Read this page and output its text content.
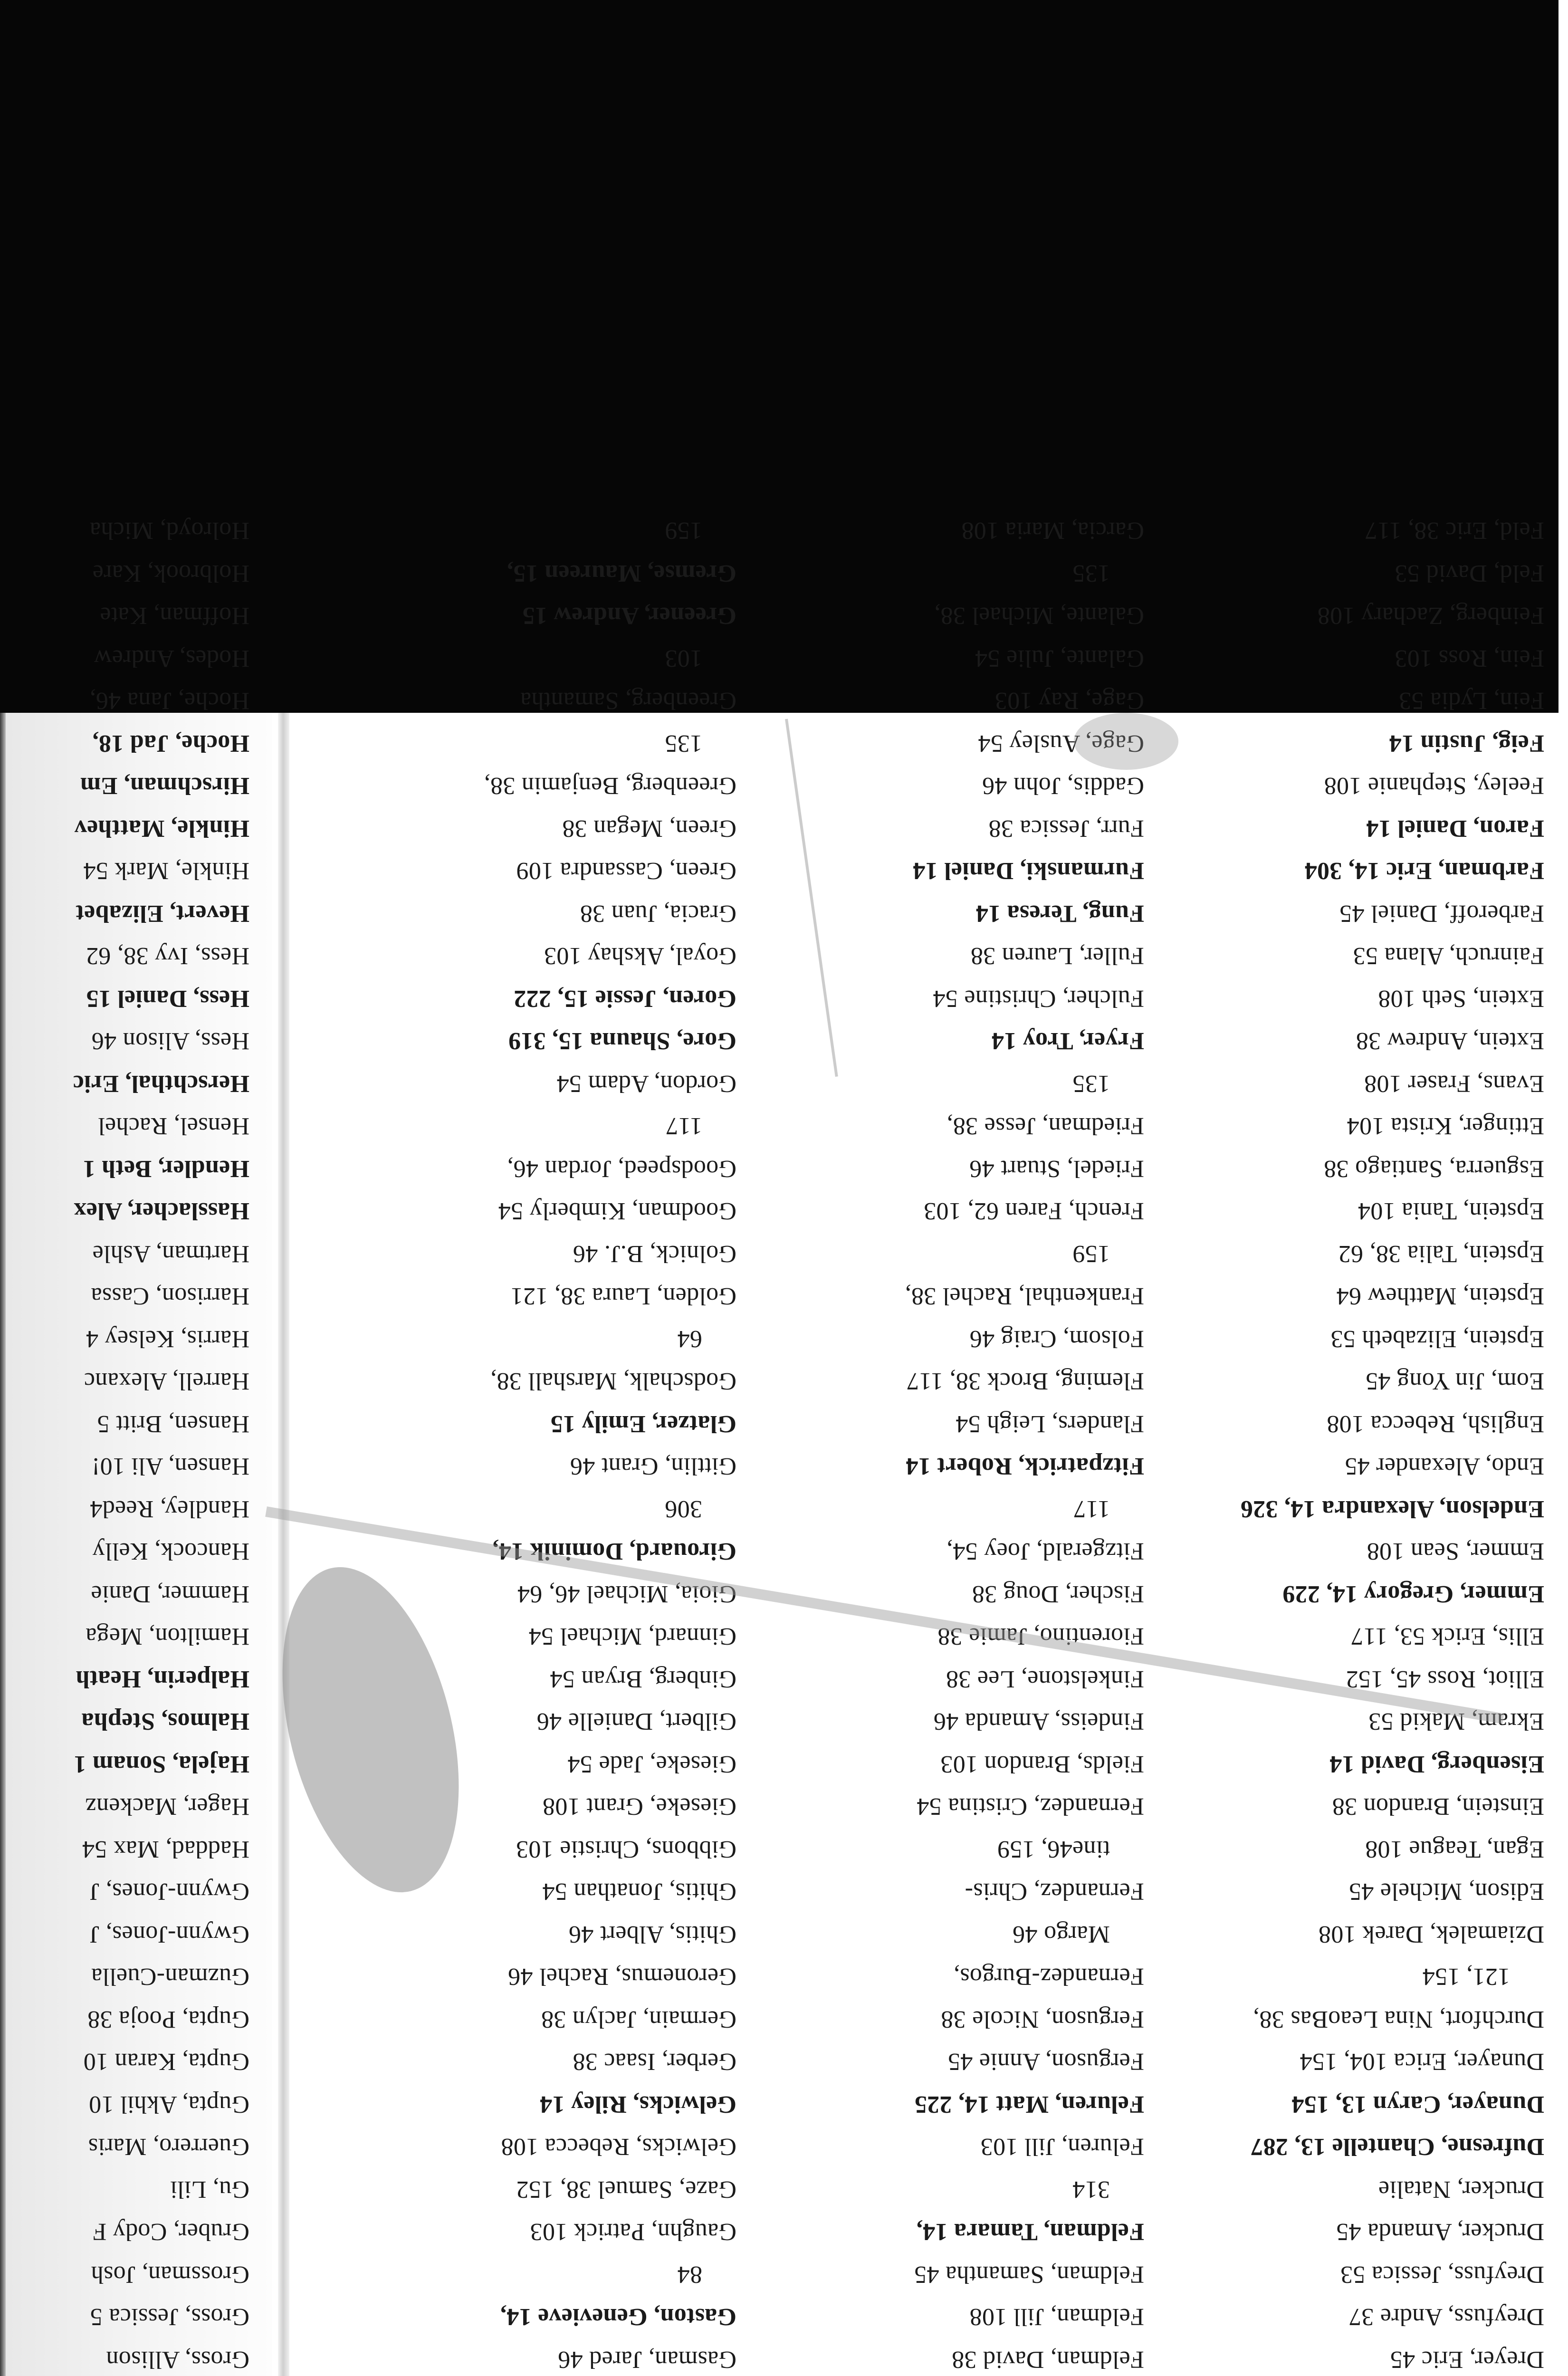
Dreyer, Eric 45
Dreyfuss, Andre 37
Dreyfuss, Jessica 53
Drucker, Amanda 45
Drucker, Natalie
Dufresne, Chantelle 13, 287
Dunayer, Caryn 13, 154
Dunayer, Erica 104, 154
Durchfort, Nina LeaoBas 38,
121, 154
Dziamalek, Darek 108
Edison, Michele 45
Egan, Teague 108
Einstein, Brandon 38
Eisenberg, David 14
Ekram, Makid 53
Elliot, Ross 45, 152
Ellis, Erick 53, 117
Emmer, Gregory 14, 229
Emmer, Sean 108
Endelson, Alexandra 14, 326
Endo, Alexander 45
English, Rebecca 108
Eom, Jin Yong 45
Epstein, Elizabeth 53
Epstein, Matthew 64
Epstein, Talia 38, 62
Epstein, Tania 104
Esguerra, Santiago 38
Ettinger, Krista 104
Evans, Fraser 108
Extein, Andrew 38
Extein, Seth 108
Fainruch, Alana 53
Farberoff, Daniel 45
Farbman, Eric 14, 304
Faron, Daniel 14
Feeley, Stephanie 108
Feig, Justin 14
Fein, Lydia 53
Fein, Ross 103
Feinberg, Zachary 108
Feld, David 53
Feld, Eric 38, 117
Feldman, David 38
Feldman, Jill 108
Feldman, Samantha 45
Feldman, Tamara 14,
314
Feluren, Jill 103
Feluren, Matt 14, 225
Ferguson, Annie 45
Ferguson, Nicole 38
Fernandez-Burgos,
Margo 46
Fernandez, Chris-
tine46, 159
Fernandez, Cristina 54
Fields, Brandon 103
Findeiss, Amanda 46
Finkelstone, Lee 38
Fiorentino, Jamie 38
Fischer, Doug 38
Fitzgerald, Joey 54,
117
Fitzpatrick, Robert 14
Flanders, Leigh 54
Fleming, Brock 38, 117
Folsom, Craig 46
Frankenthal, Rachel 38,
159
French, Faren 62, 103
Friedel, Stuart 46
Friedman, Jesse 38,
135
Fryer, Troy 14
Fulcher, Christine 54
Fuller, Lauren 38
Fung, Teresa 14
Furmanski, Daniel 14
Furr, Jessica 38
Gaddis, John 46
Gage, Ausley 54
Gage, Ray 103
Galante, Julie 54
Galante, Michael 38,
135
Garcia, Maria 108
Gasman, Jared 46
Gaston, Genevieve 14,
84
Gaughn, Patrick 103
Gaze, Samuel 38, 152
Gelwicks, Rebecca 108
Gelwicks, Riley 14
Gerber, Isaac 38
Germain, Jaclyn 38
Geronemus, Rachel 46
Ghitis, Albert 46
Ghitis, Jonathan 54
Gibbons, Christie 103
Gieseke, Grant 108
Gieseke, Jade 54
Gilbert, Danielle 46
Ginberg, Bryan 54
Ginnard, Michael 54
Gioia, Michael 46, 64
Girouard, Dominik 14,
306
Gittlin, Grant 46
Glatzer, Emily 15
Godschalk, Marshall 38,
64
Golden, Laura 38, 121
Golnick, B.J. 46
Goodman, Kimberly 54
Goodspeed, Jordan 46,
117
Gordon, Adam 54
Gore, Shauna 15, 319
Goren, Jessie 15, 222
Goyal, Akshay 103
Gracia, Juan 38
Green, Cassandra 109
Green, Megan 38
Greenberg, Benjamin 38,
135
Greenberg, Samantha
103
Greener, Andrew 15
Gremse, Maureen 15,
159
Gross, Allison
Gross, Jessica 5
Grossman, Josh
Gruber, Cody F
Gu, Lili
Guerrero, Maris
Gupta, Akhil 10
Gupta, Karan 10
Gupta, Pooja 38
Guzman-Cuella
Gwynn-Jones, J
Gwynn-Jones, J
Haddad, Max 54
Hager, Mackenz
Hajela, Sonam 1
Halmos, Stepha
Halperin, Heath
Hamilton, Mega
Hammer, Danie
Hancock, Kelly
Handley, Reed4
Hansen, Ali 10!
Hansen, Britt 5
Harrell, Alexanc
Harris, Kelsey 4
Harrison, Cassa
Hartman, Ashle
Hasslacher, Alex
Hendler, Beth 1
Hensel, Rachel
Herschthal, Eric
Hess, Alison 46
Hess, Daniel 15
Hess, Ivy 38, 62
Hevert, Elizabet
Hinkle, Mark 54
Hinkle, Matthev
Hirschman, Em
Hoche, Jad 18,
Hoche, Jana 46,
Hodes, Andrew
Hoffman, Kate
Holbrook, Kare
Holroyd, Micha
